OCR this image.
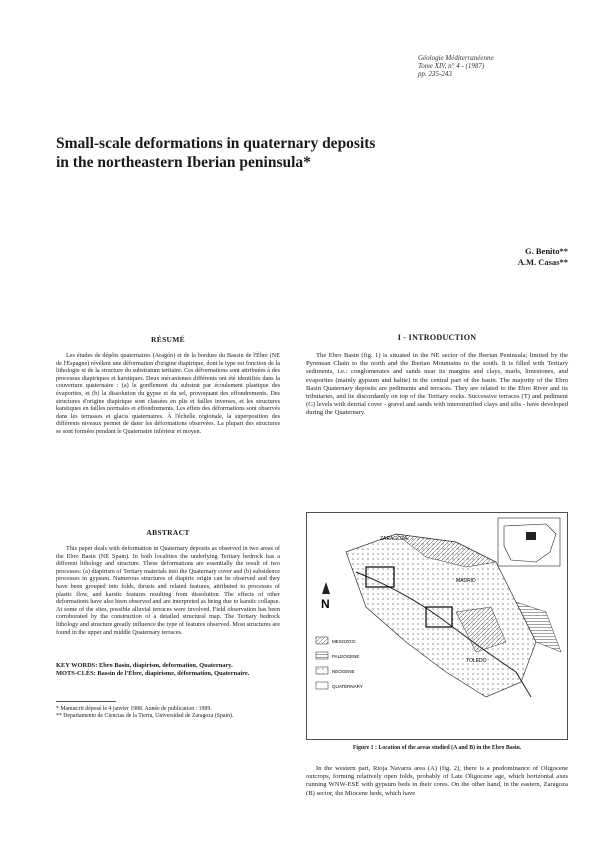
Géologie Méditerranéenne
Tome XIV, n° 4 - (1987)
pp. 235-243
Small-scale deformations in quaternary deposits in the northeastern Iberian peninsula*
G. Benito**
A.M. Casas**
RÉSUMÉ

Les études de dépôts quaternaires (Aragón) et de la bordure du Bassin de l'Èbre (NE de l'Espagne) révèlent une déformation d'origine diapirique, dont le type est fonction de la lithologie et de la structure du substratum tertiaire. Ces déformations sont attribuées à des processus diapiriques et karstiques. Deux mécanismes différents ont été identifiés dans la couverture quaternaire : (a) le gonflement du substrat par écoulement plastique des évaporites, et (b) la dissolution du gypse et du sel, provoquant des effondrements. Des structures d'origine diapirique sont classées en plis et failles inverses, et les structures karstiques en failles normales et effondrements. Les effets des déformations sont observés dans les terrasses et glacis quaternaires. À l'échelle régionale, la superposition des différents niveaux permet de dater les déformations observées. La plupart des structures se sont formées pendant le Quaternaire inférieur et moyen.

ABSTRACT

This paper deals with deformation in Quaternary deposits as observed in two areas of the Ebro Basin (NE Spain). In both localities the underlying Tertiary bedrock has a different lithology and structure. These deformations are essentially the result of two processes: (a) diapirism of Tertiary materials into the Quaternary cover and (b) subsidence processes in gypsum. Numerous structures of diapiric origin can be observed and they have been grouped into folds, thrusts and related features, attributed to processes of plastic flow, and karstic features resulting from dissolution. The effects of other deformations have also been observed and are interpreted as being due to karstic collapse. At some of the sites, possible alluvial terraces were involved. Field observation has been corroborated by the construction of a detailed structural map. The Tertiary bedrock lithology and structure greatly influence the type of features observed. Most structures are found in the upper and middle Quaternary terraces.

KEY WORDS: Ebro Basin, diapirism, deformation, Quaternary.
MOTS-CLÉS: Bassin de l'Èbre, diapirisme, déformation, Quaternaire.
* Manuscrit déposé le 4 janvier 1988. Année de publication : 1989.
** Departamento de Ciencias de la Tierra, Universidad de Zaragoza (Spain).
I - INTRODUCTION

The Ebro Basin (fig. 1) is situated in the NE sector of the Iberian Peninsula; limited by the Pyrenean Chain to the north and the Iberian Mountains to the south. It is filled with Tertiary sediments, i.e.: conglomerates and sands near its margins and clays, marls, limestones, and evaporites (mainly gypsum and halite) in the central part of the basin. The majority of the Ebro Basin Quaternary deposits are pediments and terraces. They are related to the Ebro River and its tributaries, and lie discordantly on top of the Tertiary rocks. Successive terraces (T) and pediment (G) levels with detrital cover - gravel and sands with interstratified clays and silts - have developed during the Quaternary.

ZARAGOZA
MADRID
TOLEDO
N
MESOZOIC
PALEOGENE
NEOGENE
QUATERNARY
Figure 1 : Location of the areas studied (A and B) in the Ebro Basin.

In the western part, Rioja Navarra area (A) (fig. 2), there is a predominance of Oligocene outcrops, forming relatively open folds, probably of Late Oligocene age, which horizontal axes running WNW-ESE with gypsum beds in their cores. On the other hand, in the eastern, Zaragoza (B) sector, the Miocene beds, which have
